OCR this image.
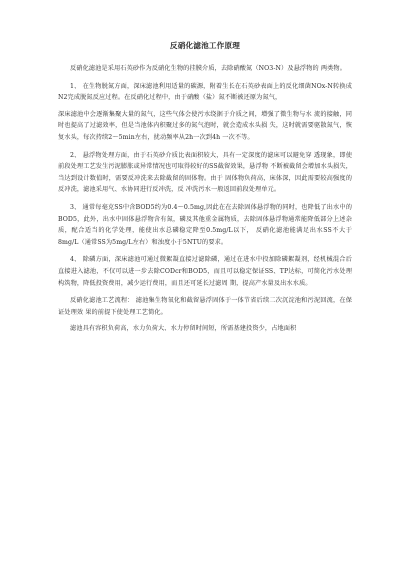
反硝化滤池工作原理

反硝化滤池是采用石英砂作为反硝化生物的挂膜介质，去除硝酸氮（NO3-N）及悬浮物的 两类物。

1、 在生物脱氮方面，深床滤池利用适量的碳源，附着生长在石英砂表面上的反化细菌NOx-N转换成N2完成脱氮反应过程。在反硝化过程中，由于硝酸（盐）氮不断被还原为氮气，

深床滤池中会逐渐集聚大量的氮气，这些气体会使污水绕据于介质之间，增强了微生物与水 流的接触，同时也提高了过滤效率，但是当池体内积聚过多的氮气泡时，就会造成水头损 失，这时就需要驱散氮气，恢复水头，每次持续2〜5min左右，扰动频率从2h一次到4h 一次不等。

2、 悬浮物处理方面，由于石英砂介质比表面积较大，具有一定深度的滤床可以避免穿 透现象，即使前段处理工艺发生污泥膨胀或异常情况也可取得较好的SS截留效果，悬浮物 不断被截留会增加水头损失，当达到设计数值时，需要反冲洗来去除截留的固体物。由于 固体物负荷高，床体深，因此需要较高强度的反冲洗，滤池采用气、水协同进行反冲洗，反 冲洗污水一般返回前段处理单元。

3、 通常每毫克SS中含BOD5约为0.4〜0.5mg,因此在在去除固体悬浮物的同时，也降低了出水中的BOD5，此外，出水中固体悬浮物含有氮，磷及其他重金属物质，去除固体悬浮物通常能降低部分上述杂质，配合适当的化学处理，能使出水总磷稳定降至0.5mg/L以下， 反硝化滤池能满足出水SS不大于8mg/L（通常SS为5mg/L左右）和浊度小于5NTU的要求。

4、 除磷方面，深床滤池可通过微絮凝直接过滤除磷，通过在进水中投加除磷絮凝剂，经机械混合后直接进入滤池，不仅可以进一步去除CODcr和BOD5，而且可以稳定保证SS、TP达标，可简化污水处理构筑物，降低投资费用，减少运行费用，而且还可延长过滤周 期，提高产水量及出水水质。

反硝化滤池工艺流程： 滤池集生物氧化和截留悬浮固体于一体节省后续二次沉淀池和污泥回流，在保证处理效 果的前提下使处理工艺简化。

滤池具有容积负荷高，水力负荷大、水力停留时间短，所需基建投资少，占地面积
